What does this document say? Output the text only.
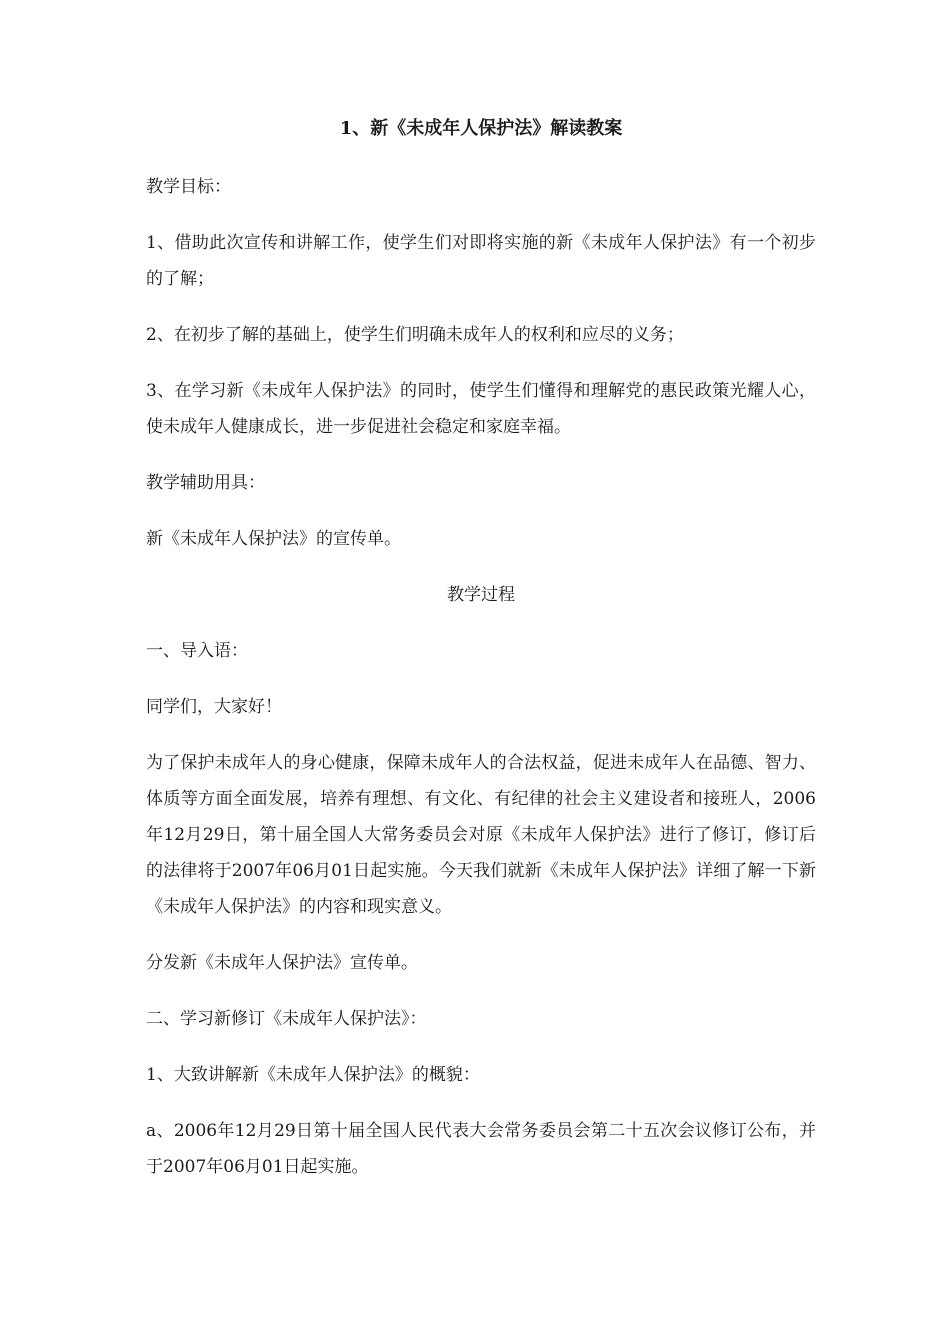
1、新《未成年人保护法》解读教案
教学目标：
1、借助此次宣传和讲解工作，使学生们对即将实施的新《未成年人保护法》有一个初步的了解；
2、在初步了解的基础上，使学生们明确未成年人的权利和应尽的义务；
3、在学习新《未成年人保护法》的同时，使学生们懂得和理解党的惠民政策光耀人心，使未成年人健康成长，进一步促进社会稳定和家庭幸福。
教学辅助用具：
新《未成年人保护法》的宣传单。
教学过程
一、导入语：
同学们，大家好！
为了保护未成年人的身心健康，保障未成年人的合法权益，促进未成年人在品德、智力、体质等方面全面发展，培养有理想、有文化、有纪律的社会主义建设者和接班人，2006年12月29日，第十届全国人大常务委员会对原《未成年人保护法》进行了修订，修订后的法律将于2007年06月01日起实施。今天我们就新《未成年人保护法》详细了解一下新《未成年人保护法》的内容和现实意义。
分发新《未成年人保护法》宣传单。
二、学习新修订《未成年人保护法》：
1、大致讲解新《未成年人保护法》的概貌：
a、2006年12月29日第十届全国人民代表大会常务委员会第二十五次会议修订公布，并于2007年06月01日起实施。
